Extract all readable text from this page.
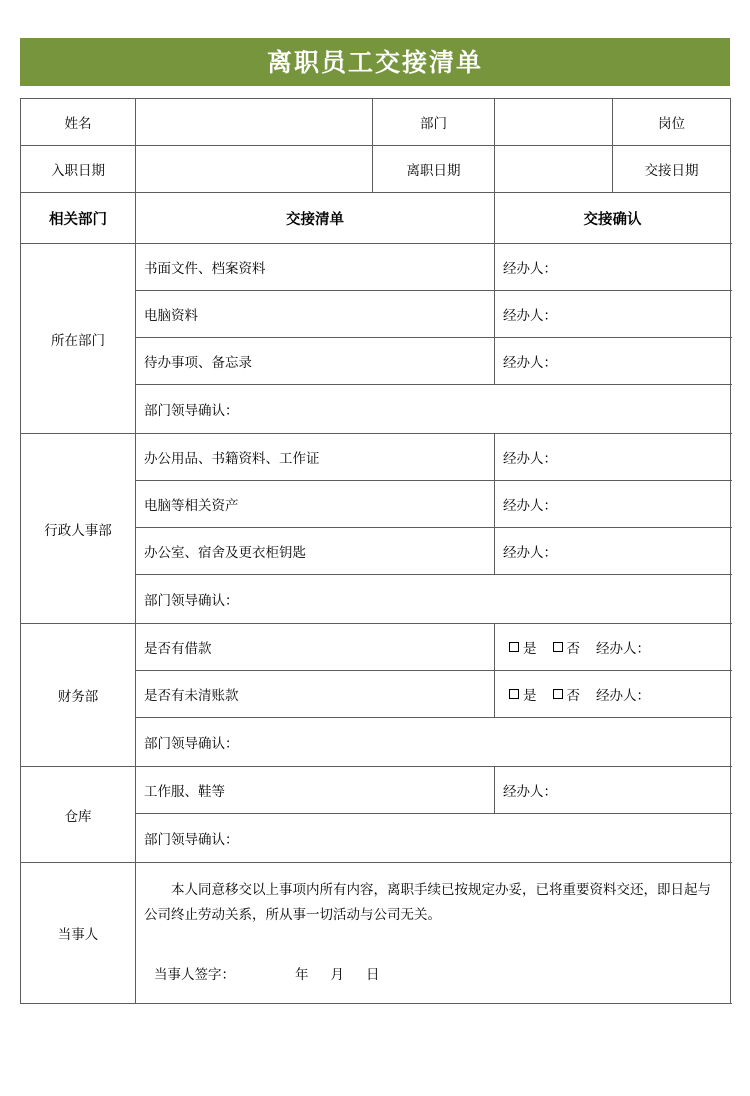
离职员工交接清单
姓名		部门		岗位	
入职日期		离职日期		交接日期	
相关部门	交接清单		交接确认		
所在部门	书面文件、档案资料		经办人：		
	电脑资料		经办人：		
	待办事项、备忘录		经办人：		
	部门领导确认：				
行政人事部	办公用品、书籍资料、工作证		经办人：		
	电脑等相关资产		经办人：		
	办公室、宿舍及更衣柜钥匙		经办人：		
	部门领导确认：				
财务部	是否有借款		是 否 经办人：		
	是否有未清账款		是 否 经办人：		
	部门领导确认：				
仓库	工作服、鞋等		经办人：		
	部门领导确认：				
当事人	本人同意移交以上事项内所有内容，离职手续已按规定办妥，已将重要资料交还，即日起与公司终止劳动关系，所从事一切活动与公司无关。
当事人签字： 年 月 日				
